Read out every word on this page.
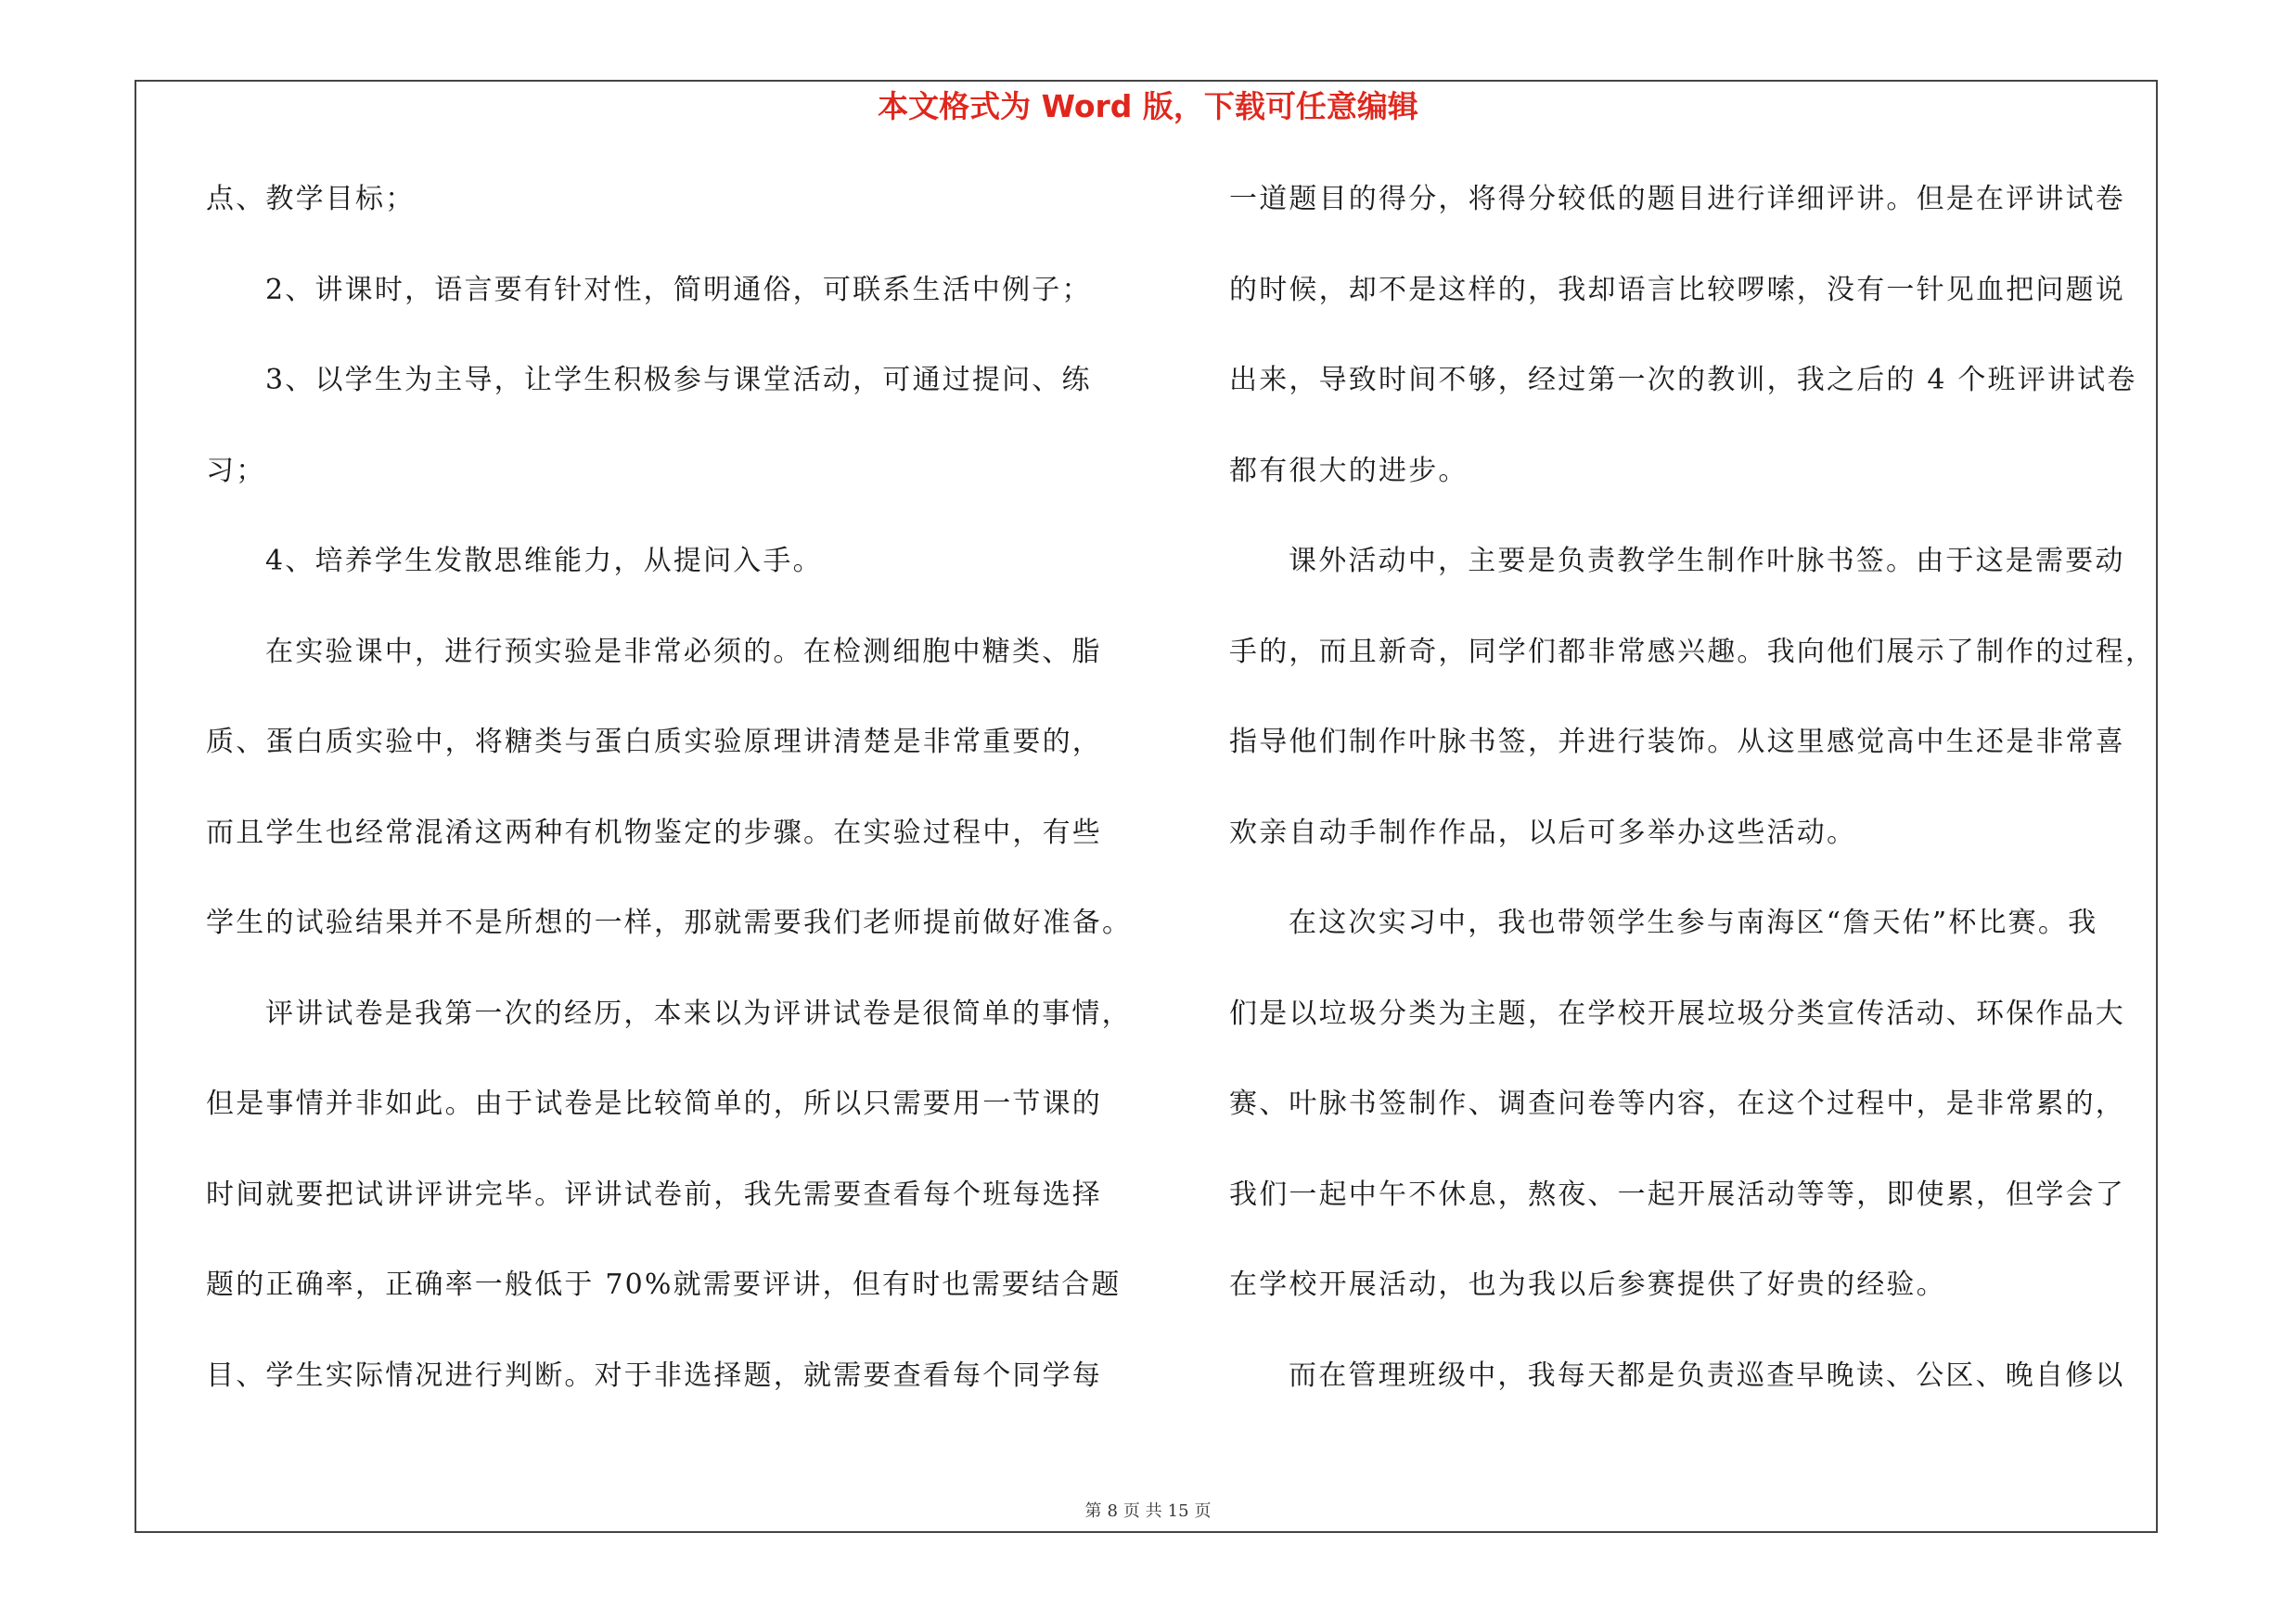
本文格式为 Word 版，下载可任意编辑
点、教学目标；
2、讲课时，语言要有针对性，简明通俗，可联系生活中例子；
3、以学生为主导，让学生积极参与课堂活动，可通过提问、练
习；
4、培养学生发散思维能力，从提问入手。
在实验课中，进行预实验是非常必须的。在检测细胞中糖类、脂
质、蛋白质实验中，将糖类与蛋白质实验原理讲清楚是非常重要的，
而且学生也经常混淆这两种有机物鉴定的步骤。在实验过程中，有些
学生的试验结果并不是所想的一样，那就需要我们老师提前做好准备。
评讲试卷是我第一次的经历，本来以为评讲试卷是很简单的事情，
但是事情并非如此。由于试卷是比较简单的，所以只需要用一节课的
时间就要把试讲评讲完毕。评讲试卷前，我先需要查看每个班每选择
题的正确率，正确率一般低于 70%就需要评讲，但有时也需要结合题
目、学生实际情况进行判断。对于非选择题，就需要查看每个同学每
一道题目的得分，将得分较低的题目进行详细评讲。但是在评讲试卷
的时候，却不是这样的，我却语言比较啰嗦，没有一针见血把问题说
出来，导致时间不够，经过第一次的教训，我之后的 4 个班评讲试卷
都有很大的进步。
课外活动中，主要是负责教学生制作叶脉书签。由于这是需要动
手的，而且新奇，同学们都非常感兴趣。我向他们展示了制作的过程，
指导他们制作叶脉书签，并进行装饰。从这里感觉高中生还是非常喜
欢亲自动手制作作品，以后可多举办这些活动。
在这次实习中，我也带领学生参与南海区“詹天佑”杯比赛。我
们是以垃圾分类为主题，在学校开展垃圾分类宣传活动、环保作品大
赛、叶脉书签制作、调查问卷等内容，在这个过程中，是非常累的，
我们一起中午不休息，熬夜、一起开展活动等等，即使累，但学会了
在学校开展活动，也为我以后参赛提供了好贵的经验。
而在管理班级中，我每天都是负责巡查早晚读、公区、晚自修以
第 8 页 共 15 页
